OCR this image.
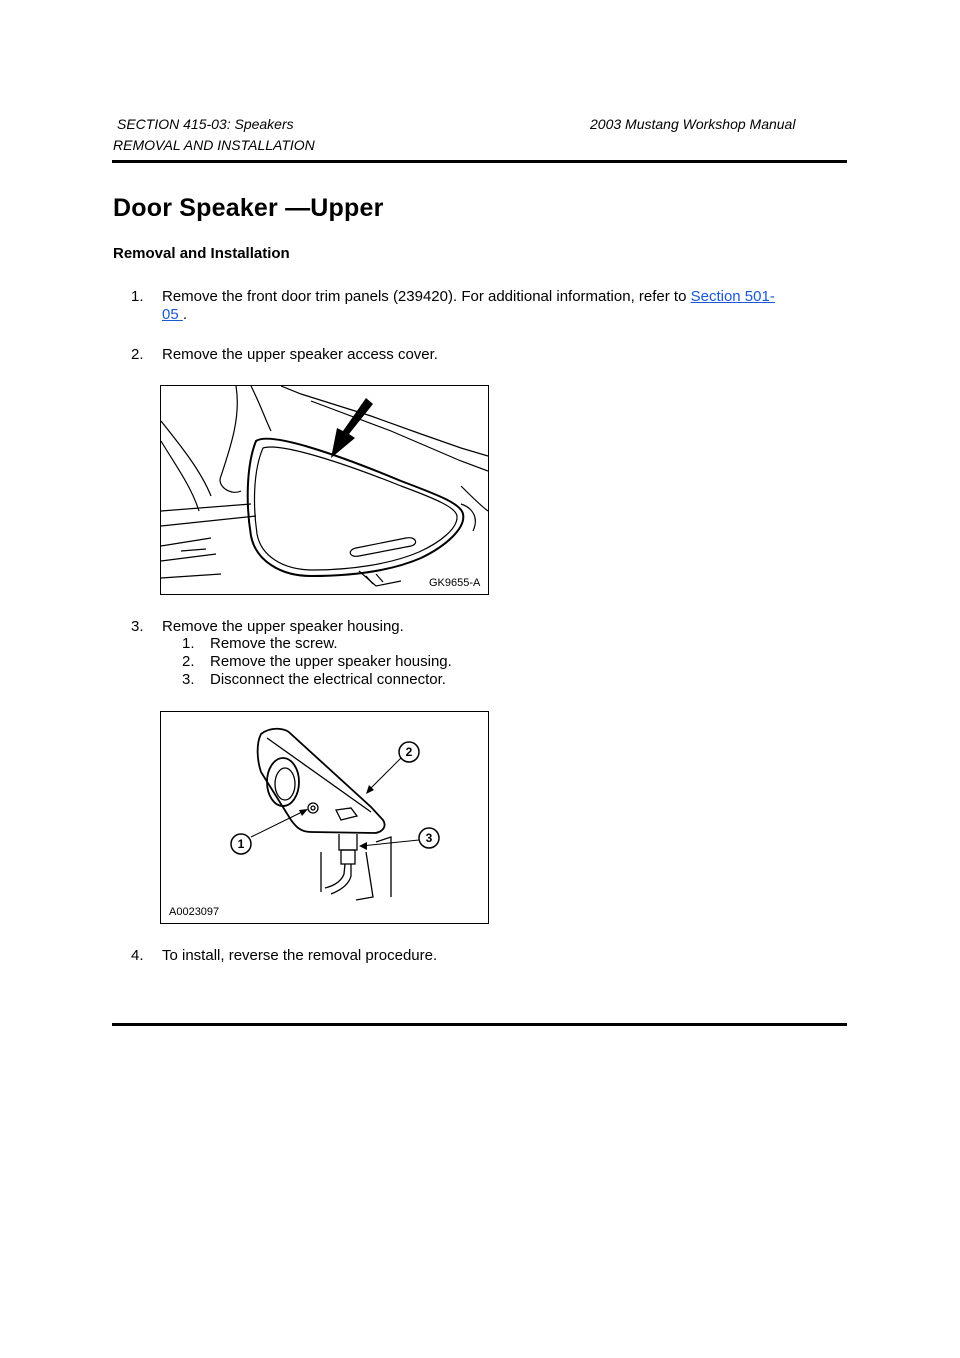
SECTION 415-03: Speakers	2003 Mustang Workshop Manual
REMOVAL AND INSTALLATION
Door Speaker —Upper
Removal and Installation
1. Remove the front door trim panels (239420). For additional information, refer to Section 501-
05 .
2. Remove the upper speaker access cover.
GK9655-A
3. Remove the upper speaker housing.
1. Remove the screw.
2. Remove the upper speaker housing.
3. Disconnect the electrical connector.
1
2
3
A0023097
4. To install, reverse the removal procedure.
